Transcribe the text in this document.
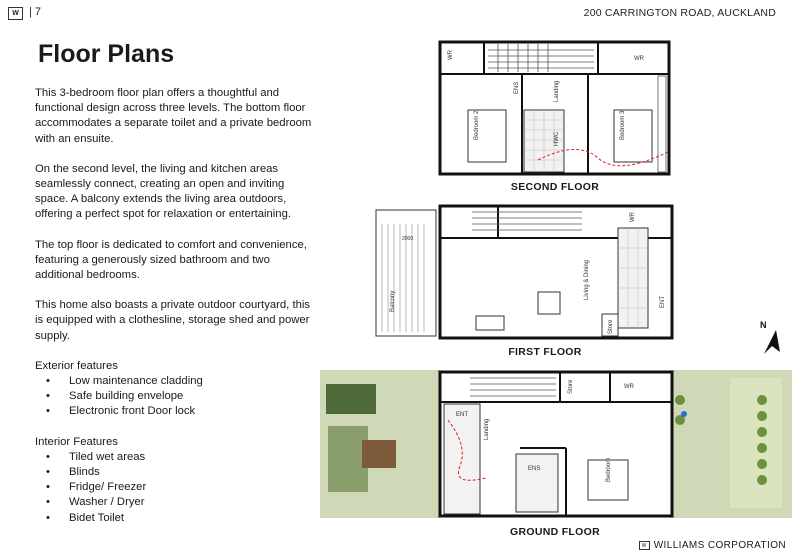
W | 7	200 CARRINGTON ROAD, AUCKLAND
Floor Plans

This 3-bedroom floor plan offers a thoughtful and functional design across three levels. The bottom floor accommodates a separate toilet and a private bedroom with an ensuite.

On the second level, the living and kitchen areas seamlessly connect, creating an open and inviting space. A balcony extends the living area outdoors, offering a perfect spot for relaxation or entertaining.

The top floor is dedicated to comfort and convenience, featuring a generously sized bathroom and two additional bedrooms.

This home also boasts a private outdoor courtyard, this is equipped with a clothesline, storage shed and power supply.

Exterior features
• Low maintenance cladding
• Safe building envelope
• Electronic front Door lock
Interior Features
• Tiled wet areas
• Blinds
• Fridge/ Freezer
• Washer / Dryer
• Bidet Toilet
WR	WR
Bedroom 2	Bedroom 3
Landing
ENS
HWC
SECOND FLOOR
Balcony
Living & Dining
WR
Store
ENT
2000
FIRST FLOOR
N
Bedroom
Landing
Store	WR
ENS
ENT
GROUND FLOOR
W WILLIAMS CORPORATION
